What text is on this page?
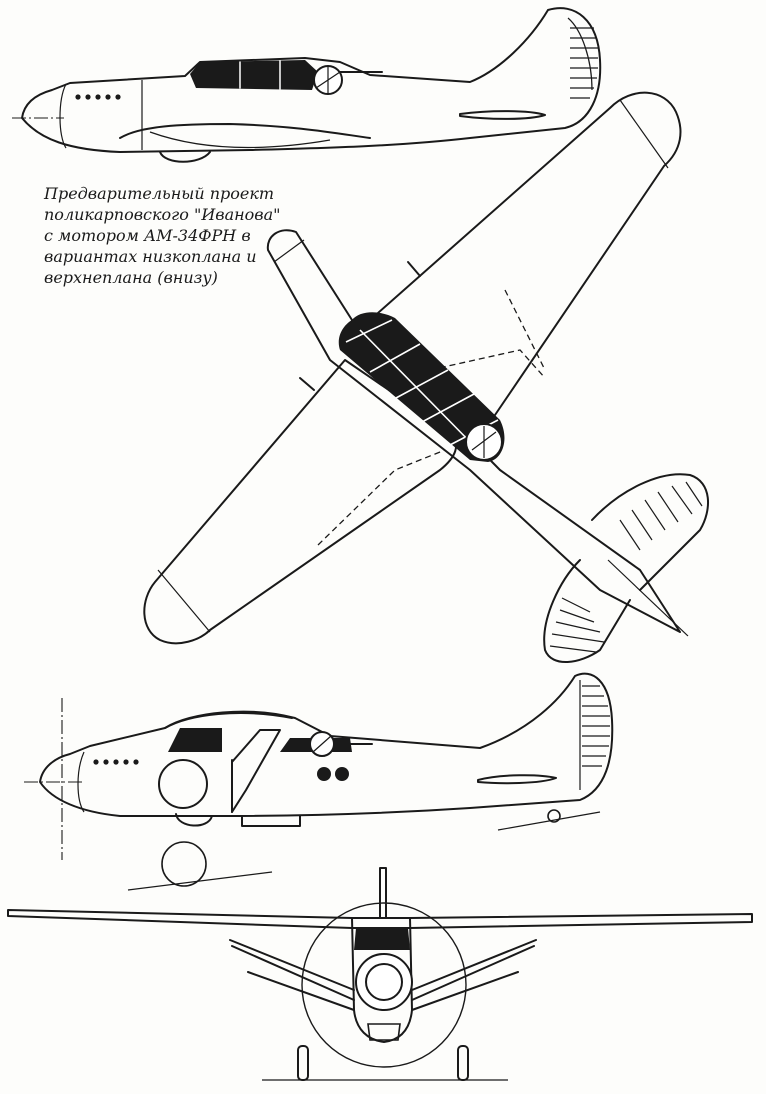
Предварительный проект
поликарповского "Иванова"
с мотором АМ-34ФРН в
вариантах низкоплана и
верхнеплана (внизу)
